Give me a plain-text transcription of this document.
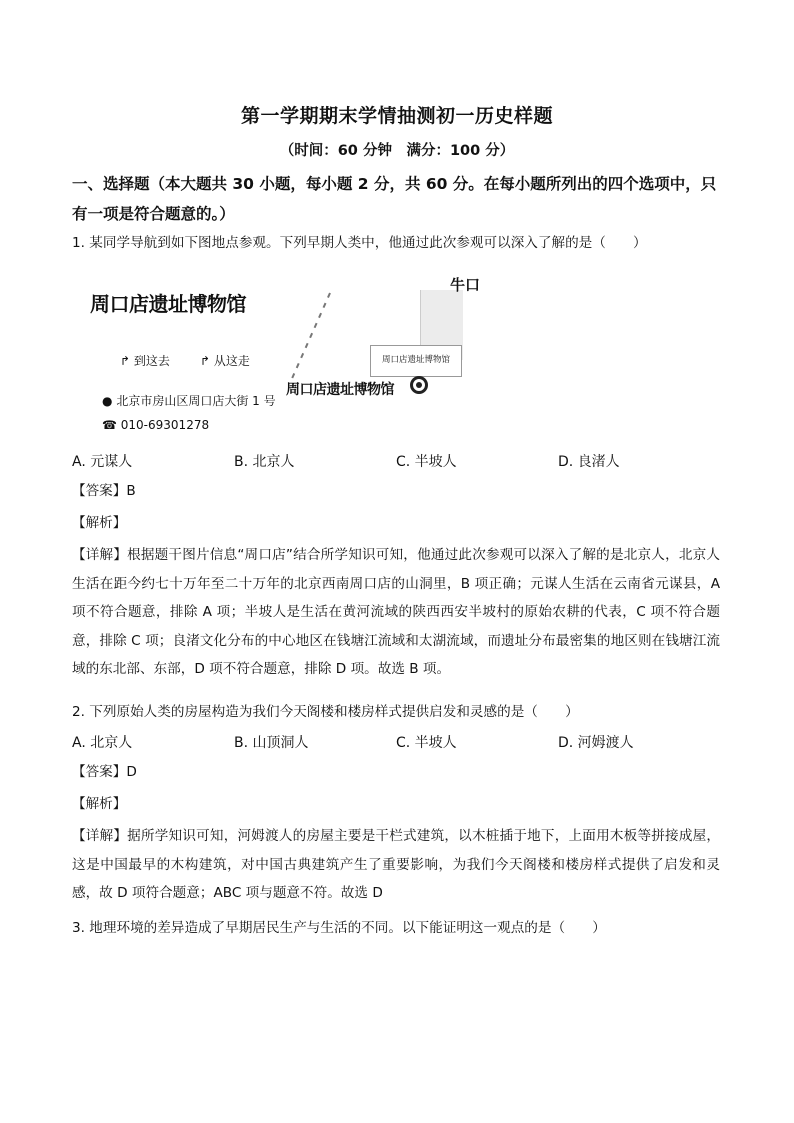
第一学期期末学情抽测初一历史样题
（时间：60 分钟　满分：100 分）
一、选择题（本大题共 30 小题，每小题 2 分，共 60 分。在每小题所列出的四个选项中，只有一项是符合题意的。）
1. 某同学导航到如下图地点参观。下列早期人类中，他通过此次参观可以深入了解的是（　　）
牛口
周口店遗址博物馆
↱ 到这去	↱ 从这走	周口店遗址博物馆
周口店遗址博物馆
● 北京市房山区周口店大街 1 号
☎ 010-69301278
A. 元谋人	B. 北京人	C. 半坡人	D. 良渚人
【答案】B
【解析】
【详解】根据题干图片信息“周口店”结合所学知识可知，他通过此次参观可以深入了解的是北京人，北京人生活在距今约七十万年至二十万年的北京西南周口店的山洞里，B 项正确；元谋人生活在云南省元谋县，A 项不符合题意，排除 A 项；半坡人是生活在黄河流域的陕西西安半坡村的原始农耕的代表，C 项不符合题意，排除 C 项；良渚文化分布的中心地区在钱塘江流域和太湖流域，而遗址分布最密集的地区则在钱塘江流域的东北部、东部，D 项不符合题意，排除 D 项。故选 B 项。
2. 下列原始人类的房屋构造为我们今天阁楼和楼房样式提供启发和灵感的是（　　）
A. 北京人	B. 山顶洞人	C. 半坡人	D. 河姆渡人
【答案】D
【解析】
【详解】据所学知识可知，河姆渡人的房屋主要是干栏式建筑，以木桩插于地下，上面用木板等拼接成屋，这是中国最早的木构建筑，对中国古典建筑产生了重要影响，为我们今天阁楼和楼房样式提供了启发和灵感，故 D 项符合题意；ABC 项与题意不符。故选 D
3. 地理环境的差异造成了早期居民生产与生活的不同。以下能证明这一观点的是（　　）
